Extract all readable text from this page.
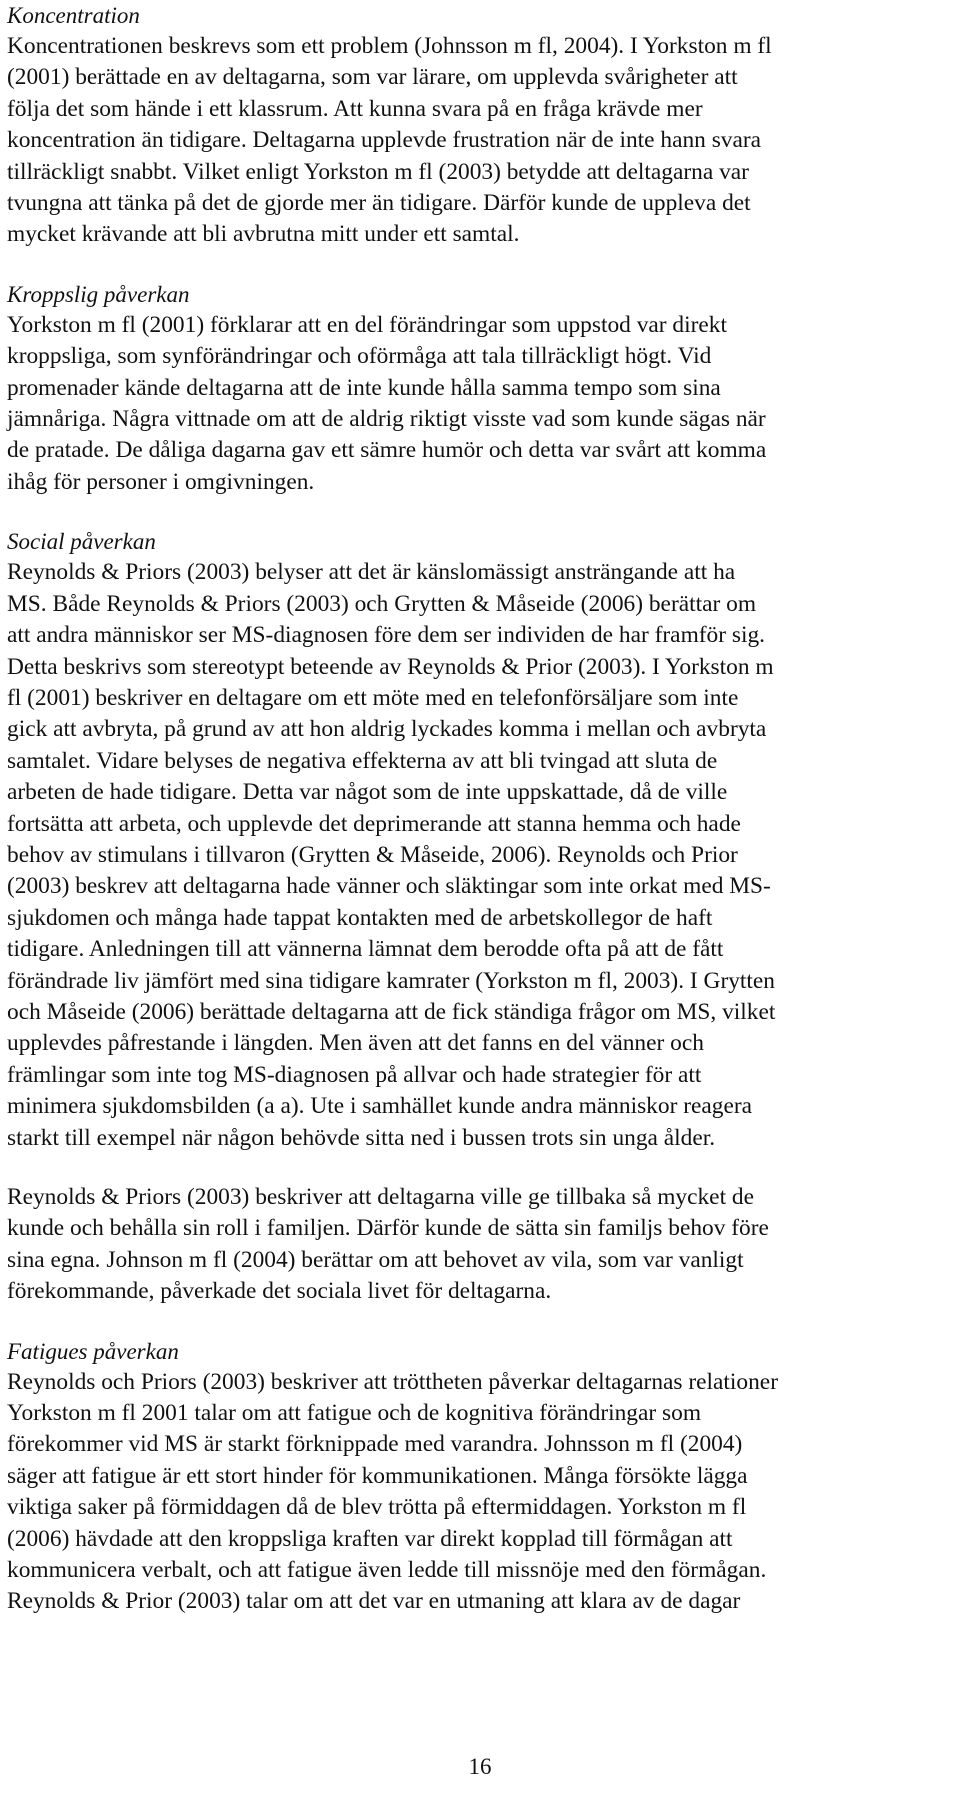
Koncentration
Koncentrationen beskrevs som ett problem (Johnsson m fl, 2004). I Yorkston m fl
(2001) berättade en av deltagarna, som var lärare, om upplevda svårigheter att
följa det som hände i ett klassrum. Att kunna svara på en fråga krävde mer
koncentration än tidigare. Deltagarna upplevde frustration när de inte hann svara
tillräckligt snabbt. Vilket enligt Yorkston m fl (2003) betydde att deltagarna var
tvungna att tänka på det de gjorde mer än tidigare. Därför kunde de uppleva det
mycket krävande att bli avbrutna mitt under ett samtal.
Kroppslig påverkan
Yorkston m fl (2001) förklarar att en del förändringar som uppstod var direkt
kroppsliga, som synförändringar och oförmåga att tala tillräckligt högt. Vid
promenader kände deltagarna att de inte kunde hålla samma tempo som sina
jämnåriga. Några vittnade om att de aldrig riktigt visste vad som kunde sägas när
de pratade. De dåliga dagarna gav ett sämre humör och detta var svårt att komma
ihåg för personer i omgivningen.
Social påverkan
Reynolds & Priors (2003) belyser att det är känslomässigt ansträngande att ha
MS. Både Reynolds & Priors (2003) och Grytten & Måseide (2006) berättar om
att andra människor ser MS-diagnosen före dem ser individen de har framför sig.
Detta beskrivs som stereotypt beteende av Reynolds & Prior (2003). I Yorkston m
fl (2001) beskriver en deltagare om ett möte med en telefonförsäljare som inte
gick att avbryta, på grund av att hon aldrig lyckades komma i mellan och avbryta
samtalet. Vidare belyses de negativa effekterna av att bli tvingad att sluta de
arbeten de hade tidigare. Detta var något som de inte uppskattade, då de ville
fortsätta att arbeta, och upplevde det deprimerande att stanna hemma och hade
behov av stimulans i tillvaron (Grytten & Måseide, 2006). Reynolds och Prior
(2003) beskrev att deltagarna hade vänner och släktingar som inte orkat med MS-
sjukdomen och många hade tappat kontakten med de arbetskollegor de haft
tidigare. Anledningen till att vännerna lämnat dem berodde ofta på att de fått
förändrade liv jämfört med sina tidigare kamrater (Yorkston m fl, 2003). I Grytten
och Måseide (2006) berättade deltagarna att de fick ständiga frågor om MS, vilket
upplevdes påfrestande i längden. Men även att det fanns en del vänner och
främlingar som inte tog MS-diagnosen på allvar och hade strategier för att
minimera sjukdomsbilden (a a). Ute i samhället kunde andra människor reagera
starkt till exempel när någon behövde sitta ned i bussen trots sin unga ålder.
Reynolds & Priors (2003) beskriver att deltagarna ville ge tillbaka så mycket de
kunde och behålla sin roll i familjen. Därför kunde de sätta sin familjs behov före
sina egna. Johnson m fl (2004) berättar om att behovet av vila, som var vanligt
förekommande, påverkade det sociala livet för deltagarna.
Fatigues påverkan
Reynolds och Priors (2003) beskriver att tröttheten påverkar deltagarnas relationer
Yorkston m fl 2001 talar om att fatigue och de kognitiva förändringar som
förekommer vid MS är starkt förknippade med varandra. Johnsson m fl (2004)
säger att fatigue är ett stort hinder för kommunikationen. Många försökte lägga
viktiga saker på förmiddagen då de blev trötta på eftermiddagen. Yorkston m fl
(2006) hävdade att den kroppsliga kraften var direkt kopplad till förmågan att
kommunicera verbalt, och att fatigue även ledde till missnöje med den förmågan.
Reynolds & Prior (2003) talar om att det var en utmaning att klara av de dagar
16
